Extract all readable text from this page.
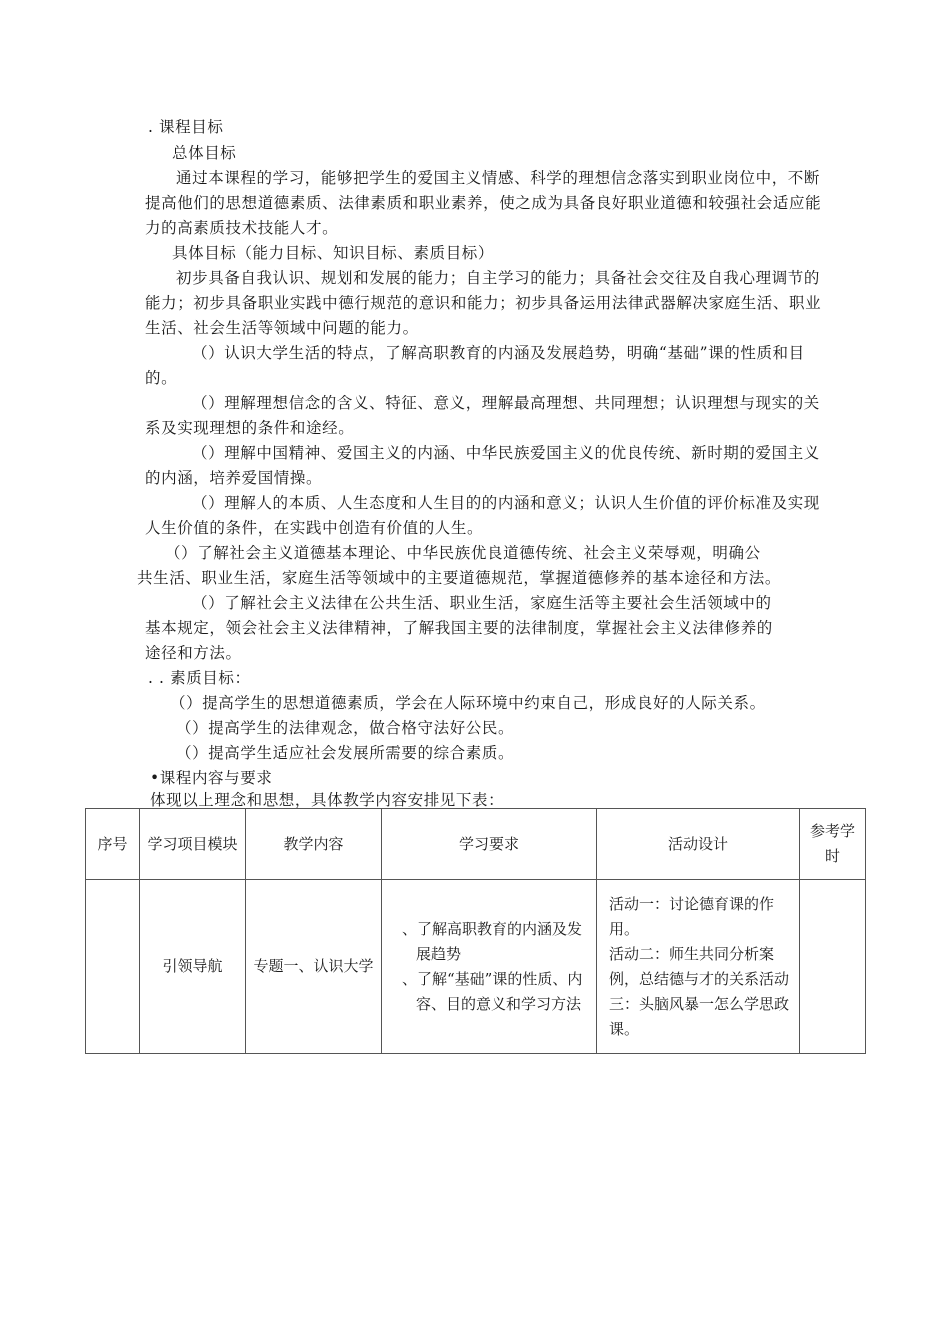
. 课程目标
总体目标
通过本课程的学习，能够把学生的爱国主义情感、科学的理想信念落实到职业岗位中，不断
提高他们的思想道德素质、法律素质和职业素养，使之成为具备良好职业道德和较强社会适应能
力的高素质技术技能人才。
具体目标（能力目标、知识目标、素质目标）
初步具备自我认识、规划和发展的能力；自主学习的能力；具备社会交往及自我心理调节的
能力；初步具备职业实践中德行规范的意识和能力；初步具备运用法律武器解决家庭生活、职业
生活、社会生活等领域中问题的能力。
（）认识大学生活的特点，了解高职教育的内涵及发展趋势，明确“基础”课的性质和目
的。
（）理解理想信念的含义、特征、意义，理解最高理想、共同理想；认识理想与现实的关
系及实现理想的条件和途经。
（）理解中国精神、爱国主义的内涵、中华民族爱国主义的优良传统、新时期的爱国主义
的内涵，培养爱国情操。
（）理解人的本质、人生态度和人生目的的内涵和意义；认识人生价值的评价标准及实现
人生价值的条件，在实践中创造有价值的人生。
（）了解社会主义道德基本理论、中华民族优良道德传统、社会主义荣辱观，明确公
共生活、职业生活，家庭生活等领域中的主要道德规范，掌握道德修养的基本途径和方法。
（）了解社会主义法律在公共生活、职业生活，家庭生活等主要社会生活领域中的
基本规定，领会社会主义法律精神，了解我国主要的法律制度，掌握社会主义法律修养的
途径和方法。
. . 素质目标：
（）提高学生的思想道德素质，学会在人际环境中约束自己，形成良好的人际关系。
（）提高学生的法律观念，做合格守法好公民。
（）提高学生适应社会发展所需要的综合素质。
•课程内容与要求
体现以上理念和思想，具体教学内容安排见下表：
序号	学习项目模块	教学内容	学习要求	活动设计	参考学时
	引领导航	专题一、认识大学	、了解高职教育的内涵及发展趋势
、了解“基础”课的性质、内容、目的意义和学习方法	活动一：讨论德育课的作用。
活动二：师生共同分析案例，总结德与才的关系活动三：头脑风暴一怎么学思政课。	
